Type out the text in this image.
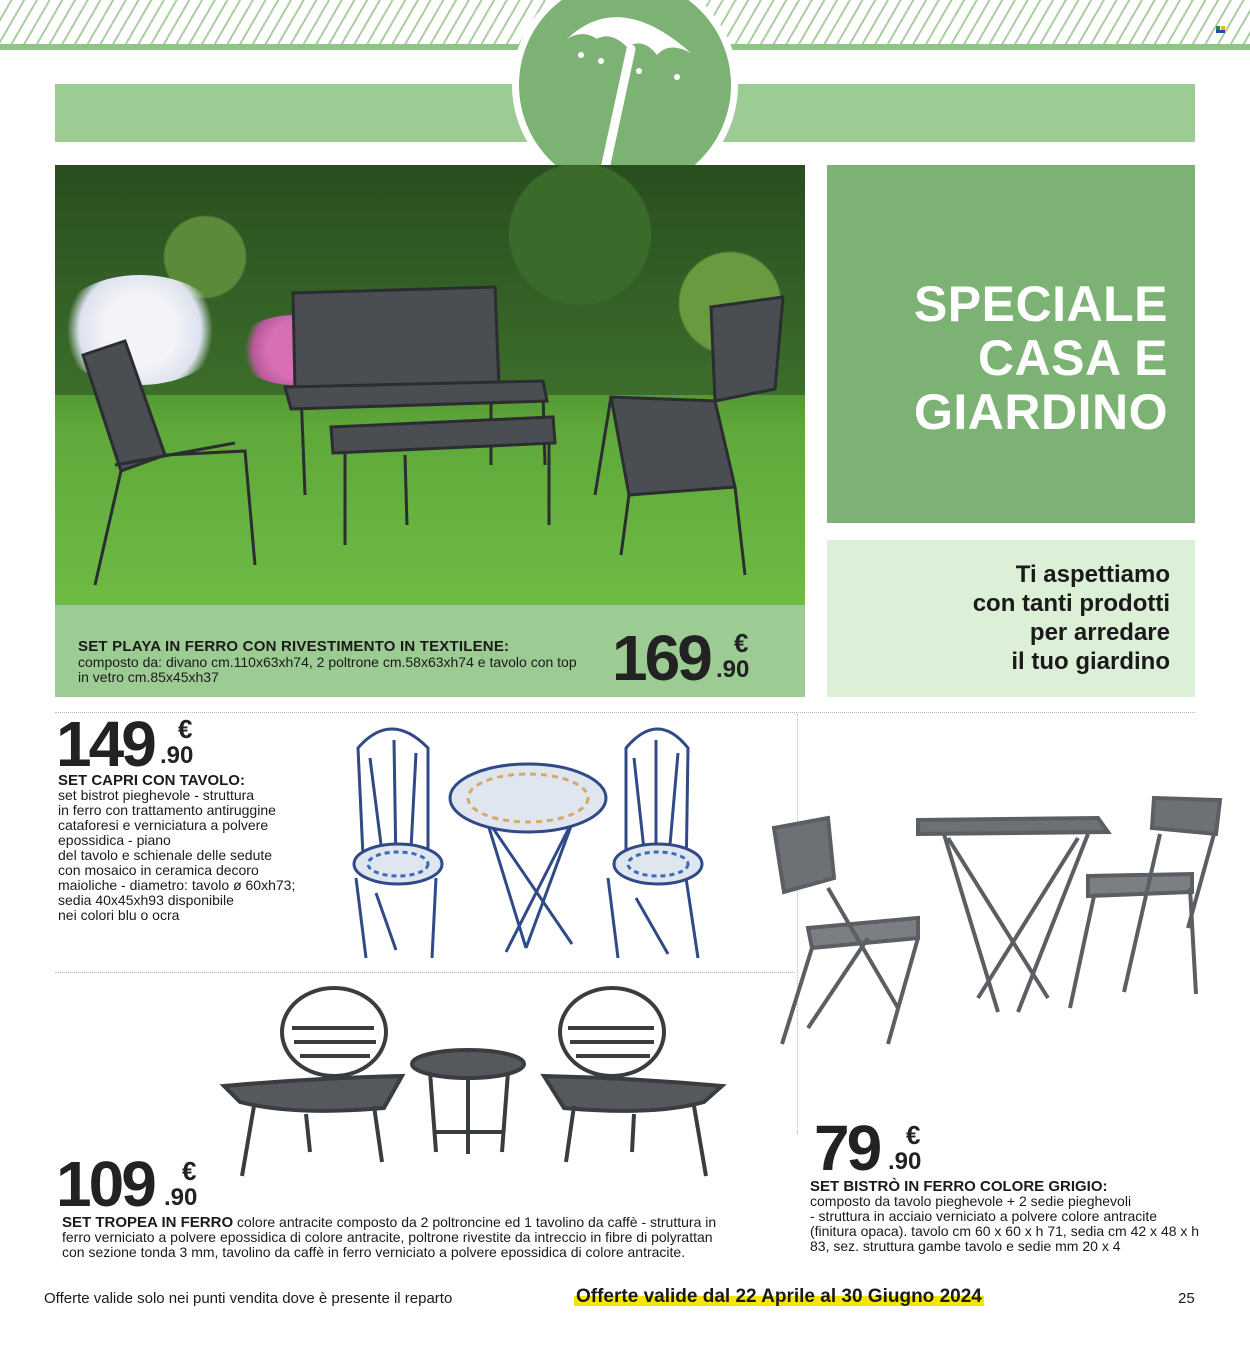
SET PLAYA IN FERRO CON RIVESTIMENTO IN TEXTILENE:
composto da: divano cm.110x63xh74, 2 poltrone cm.58x63xh74 e tavolo con top in vetro cm.85x45xh37	169 €
.90
SPECIALE
CASA E
GIARDINO
Ti aspettiamo
con tanti prodotti
per arredare
il tuo giardino
149 €
.90
SET CAPRI CON TAVOLO:
set bistrot pieghevole - struttura
in ferro con trattamento antiruggine
cataforesi e verniciatura a polvere
epossidica - piano
del tavolo e schienale delle sedute
con mosaico in ceramica decoro
maioliche - diametro: tavolo ø 60xh73;
sedia 40x45xh93 disponibile
nei colori blu o ocra
79 €
.90
SET BISTRÒ IN FERRO COLORE GRIGIO:
composto da tavolo pieghevole + 2 sedie pieghevoli
- struttura in acciaio verniciato a polvere colore antracite
(finitura opaca). tavolo cm 60 x 60 x h 71, sedia cm 42 x 48 x h
83, sez. struttura gambe tavolo e sedie mm 20 x 4
109 €
.90
SET TROPEA IN FERRO colore antracite composto da 2 poltroncine ed 1 tavolino da caffè - struttura in
ferro verniciato a polvere epossidica di colore antracite, poltrone rivestite da intreccio in fibre di polyrattan
con sezione tonda 3 mm, tavolino da caffè in ferro verniciato a polvere epossidica di colore antracite.
Offerte valide solo nei punti vendita dove è presente il reparto	Offerte valide dal 22 Aprile al 30 Giugno 2024	25
